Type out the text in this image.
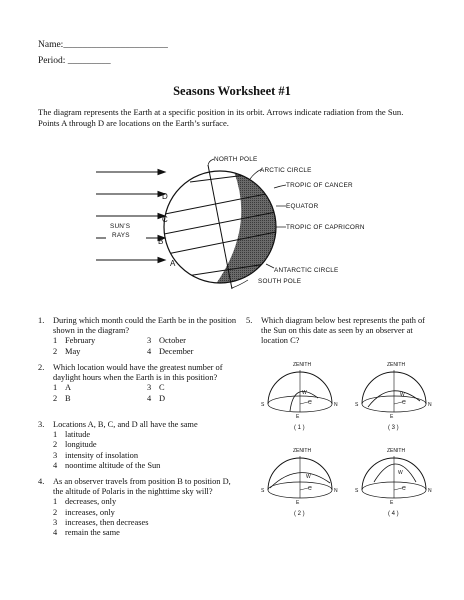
Name:______________________
Period: _________
Seasons Worksheet #1
The diagram represents the Earth at a specific position in its orbit. Arrows indicate radiation from the Sun.
Points A through D are locations on the Earth’s surface.
SUN’S
RAYS
D
C
B
A
NORTH POLE
ARCTIC CIRCLE
TROPIC OF CANCER
EQUATOR
TROPIC OF CAPRICORN
ANTARCTIC CIRCLE
SOUTH POLE
1. During which month could the Earth be in the position shown in the diagram?
1 February	3 October
2 May	4 December
2. Which location would have the greatest number of daylight hours when the Earth is in this position?
1 A	3 C
2 B	4 D
3. Locations A, B, C, and D all have the same
1 latitude
2 longitude
3 intensity of insolation
4 noontime altitude of the Sun
4. As an observer travels from position B to position D, the altitude of Polaris in the nighttime sky will?
1 decreases, only
2 increases, only
3 increases, then decreases
4 remain the same
5. Which diagram below best represents the path of the Sun on this date as seen by an observer at location C?
ZENITH
S	N
E
W
C
( 1 )
ZENITH
S	N
E
W
C
( 3 )
ZENITH
S	N
E
W
C
( 2 )
ZENITH
S	N
E
W
C
( 4 )
